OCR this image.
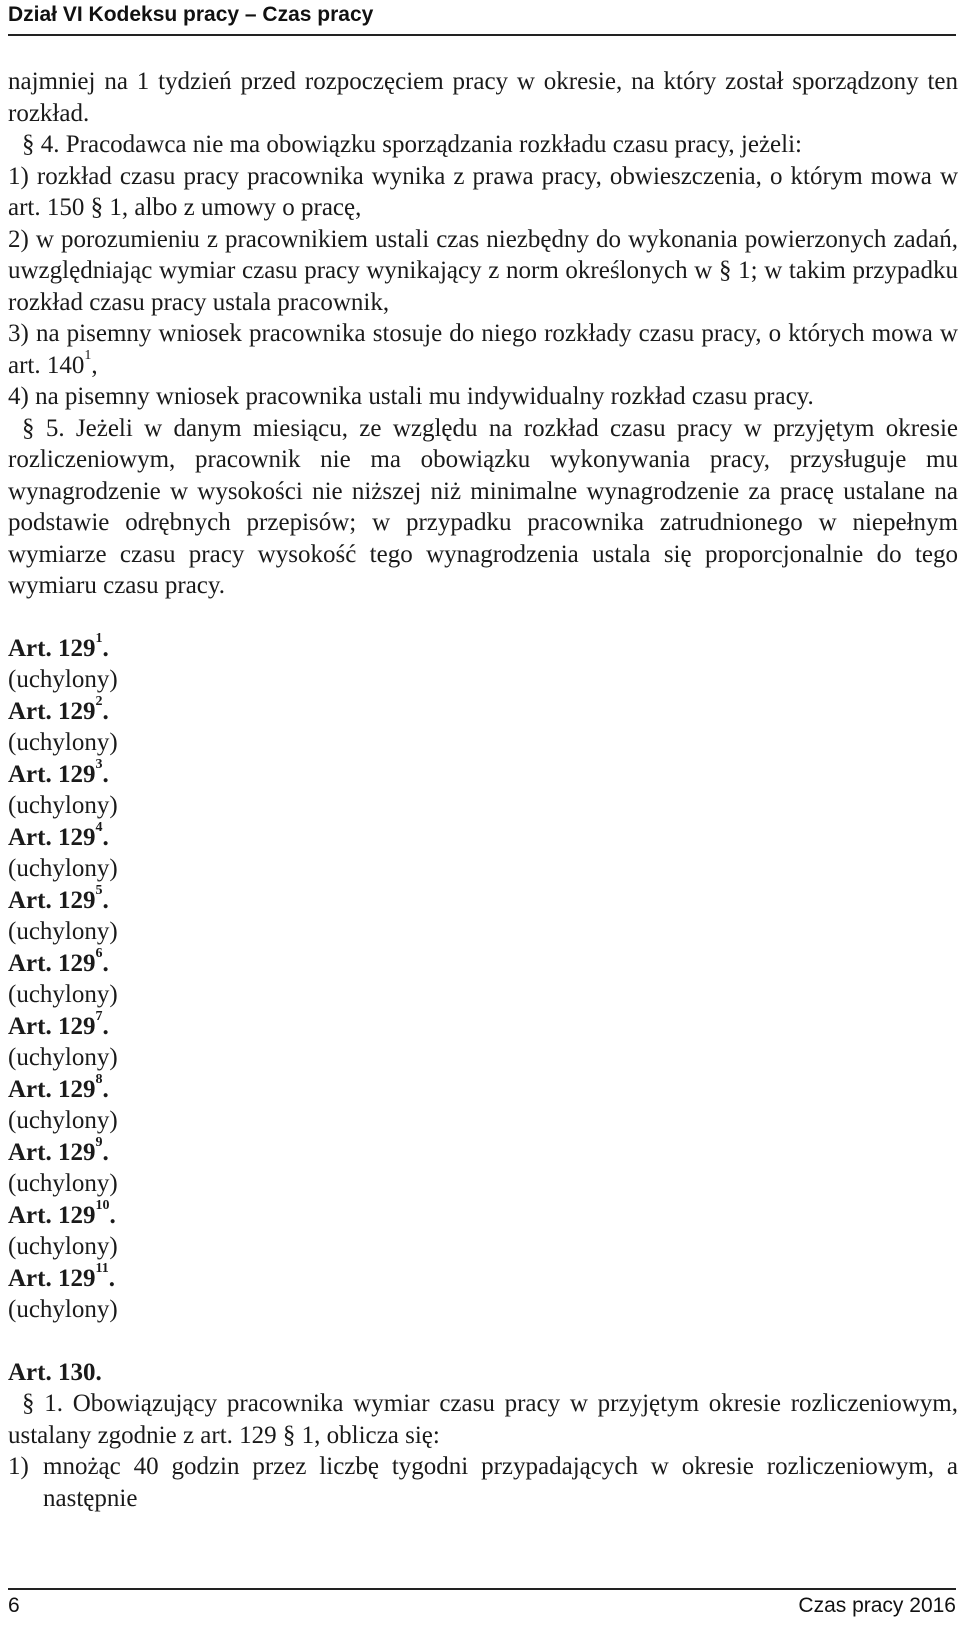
Dział VI Kodeksu pracy – Czas pracy

najmniej na 1 tydzień przed rozpoczęciem pracy w okresie, na który został sporządzony ten rozkład.

§ 4. Pracodawca nie ma obowiązku sporządzania rozkładu czasu pracy, jeżeli:

1) rozkład czasu pracy pracownika wynika z prawa pracy, obwieszczenia, o którym mowa w art. 150 § 1, albo z umowy o pracę,

2) w porozumieniu z pracownikiem ustali czas niezbędny do wykonania powierzonych zadań, uwzględniając wymiar czasu pracy wynikający z norm określonych w § 1; w takim przypadku rozkład czasu pracy ustala pracownik,

3) na pisemny wniosek pracownika stosuje do niego rozkłady czasu pracy, o których mowa w art. $140^1$,

4) na pisemny wniosek pracownika ustali mu indywidualny rozkład czasu pracy.

§ 5. Jeżeli w danym miesiącu, ze względu na rozkład czasu pracy w przyjętym okresie rozliczeniowym, pracownik nie ma obowiązku wykonywania pracy, przysługuje mu wynagrodzenie w wysokości nie niższej niż minimalne wynagrodzenie za pracę ustalane na podstawie odrębnych przepisów; w przypadku pracownika zatrudnionego w niepełnym wymiarze czasu pracy wysokość tego wynagrodzenia ustala się proporcjonalnie do tego wymiaru czasu pracy.

Art. $129^1$.

(uchylony)

Art. $129^2$.

(uchylony)

Art. $129^3$.

(uchylony)

Art. $129^4$.

(uchylony)

Art. $129^5$.

(uchylony)

Art. $129^6$.

(uchylony)

Art. $129^7$.

(uchylony)

Art. $129^8$.

(uchylony)

Art. $129^9$.

(uchylony)

Art. $129^{10}$.

(uchylony)

Art. $129^{11}$.

(uchylony)

Art. 130.

§ 1. Obowiązujący pracownika wymiar czasu pracy w przyjętym okresie rozliczeniowym, ustalany zgodnie z art. 129 § 1, oblicza się:

1) mnożąc 40 godzin przez liczbę tygodni przypadających w okresie rozliczeniowym, a następnie
6	Czas pracy 2016
